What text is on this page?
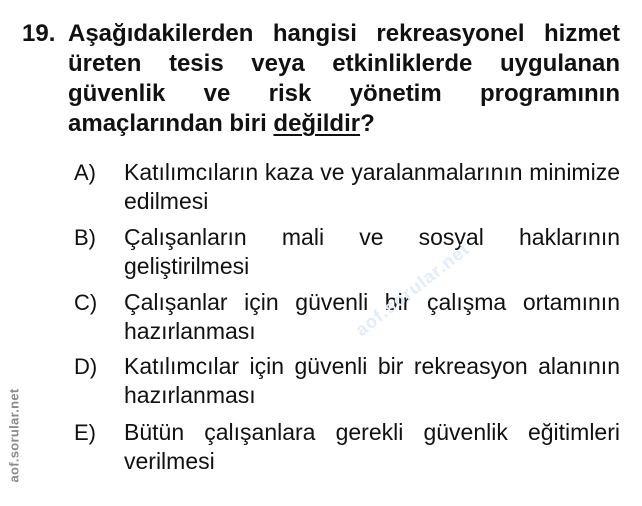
19. Aşağıdakilerden hangisi rekreasyonel hizmet üreten tesis veya etkinliklerde uygulanan güvenlik ve risk yönetim programının amaçlarından biri değildir?
A) Katılımcıların kaza ve yaralanmalarının minimize edilmesi
B) Çalışanların mali ve sosyal haklarının geliştirilmesi
C) Çalışanlar için güvenli bir çalışma ortamının hazırlanması
D) Katılımcılar için güvenli bir rekreasyon alanının hazırlanması
E) Bütün çalışanlara gerekli güvenlik eğitimleri verilmesi
aof.sorular.net
aof.sorular.net
